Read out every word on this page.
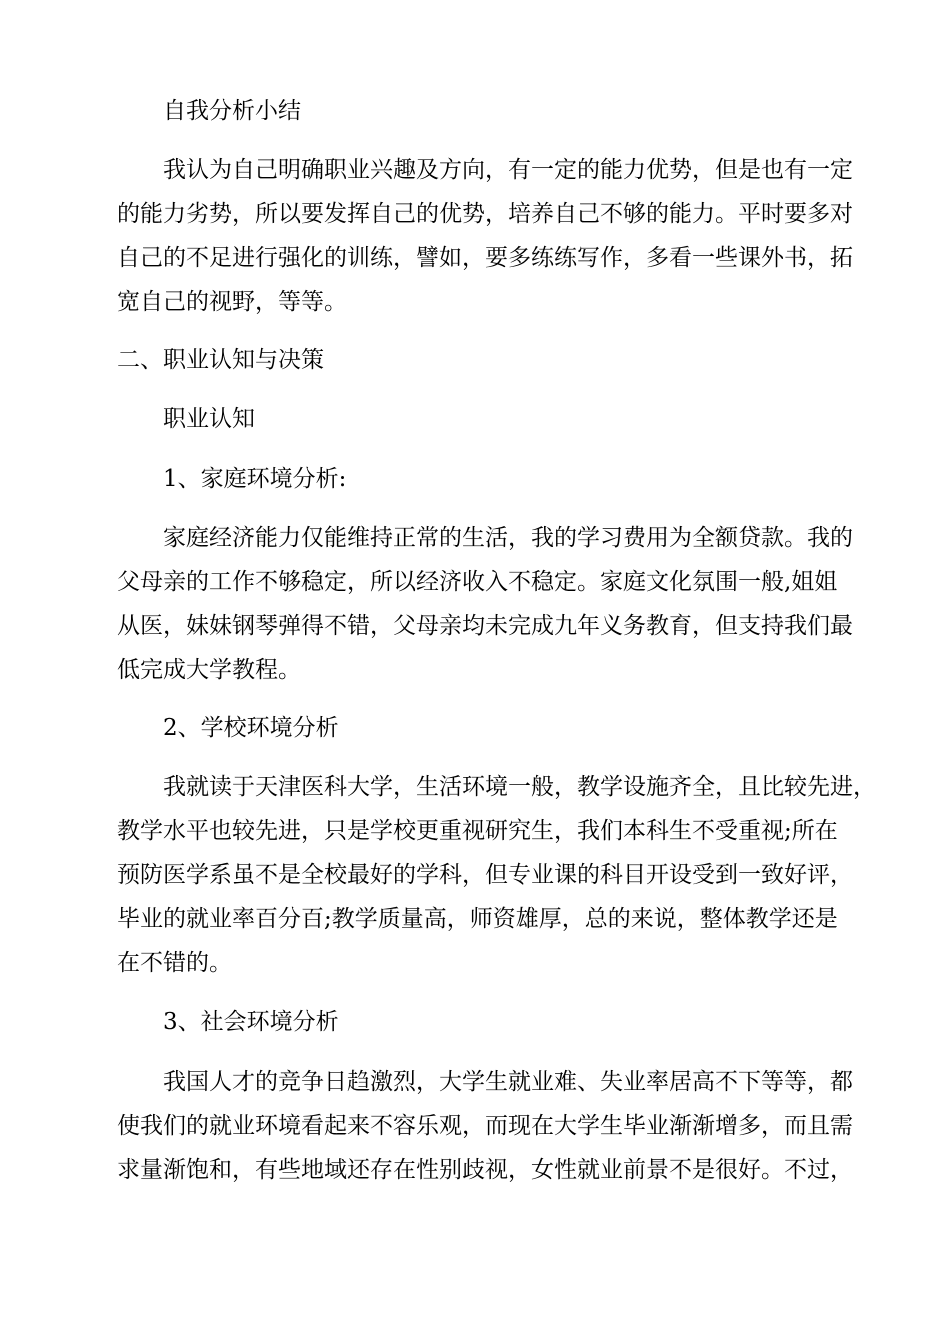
自我分析小结
我认为自己明确职业兴趣及方向，有一定的能力优势，但是也有一定
的能力劣势，所以要发挥自己的优势，培养自己不够的能力。平时要多对
自己的不足进行强化的训练，譬如，要多练练写作，多看一些课外书，拓
宽自己的视野，等等。
二、职业认知与决策
职业认知
1、家庭环境分析:
家庭经济能力仅能维持正常的生活，我的学习费用为全额贷款。我的
父母亲的工作不够稳定，所以经济收入不稳定。家庭文化氛围一般,姐姐
从医，妹妹钢琴弹得不错，父母亲均未完成九年义务教育，但支持我们最
低完成大学教程。
2、学校环境分析
我就读于天津医科大学，生活环境一般，教学设施齐全，且比较先进，
教学水平也较先进，只是学校更重视研究生，我们本科生不受重视;所在
预防医学系虽不是全校最好的学科，但专业课的科目开设受到一致好评，
毕业的就业率百分百;教学质量高，师资雄厚，总的来说，整体教学还是
在不错的。
3、社会环境分析
我国人才的竞争日趋激烈，大学生就业难、失业率居高不下等等，都
使我们的就业环境看起来不容乐观，而现在大学生毕业渐渐增多，而且需
求量渐饱和，有些地域还存在性别歧视，女性就业前景不是很好。不过，
